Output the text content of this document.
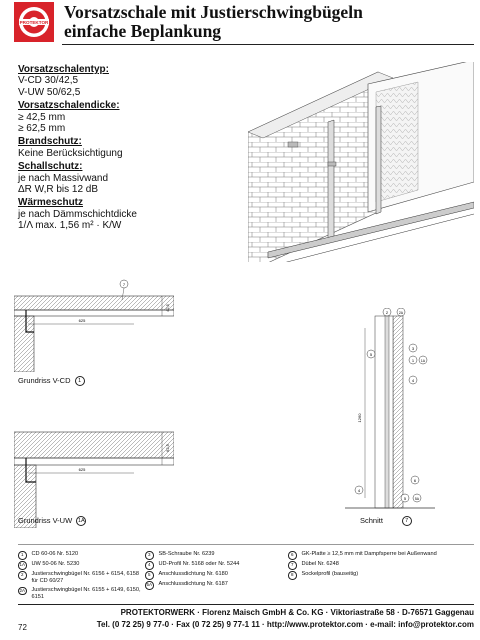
PROTEKTOR
Vorsatzschale mit Justierschwingbügeln
einfache Beplankung
Vorsatzschalentyp:
V-CD 30/42,5
V-UW 50/62,5
Vorsatzschalendicke:
≥ 42,5 mm
≥ 62,5 mm
Brandschutz:
Keine Berücksichtigung
Schallschutz:
je nach Massivwand
ΔR W,R bis 12 dB
Wärmeschutz
je nach Dämmschichtdicke
1/Λ max. 1,56 m² · K/W
625
42,5
7
Grundriss V-CD 1
625
62,5
Grundriss V-UW 1A
1260
2	2A
5
3
1 1A
4
6
4
5	5A
Schnitt	7
1	CD 60-06 Nr. 5120
1A UW 50-06 Nr. 5230
2	Justierschwingbügel Nr. 6156 + 6154, 6158 für CD 60/27
2A Justierschwingbügel Nr. 6155 + 6149, 6150, 6151
3	SB-Schraube Nr. 6239
4	UD-Profil Nr. 5168 oder Nr. 5244
5	Anschlussdichtung Nr. 6180
5A Anschlussdichtung Nr. 6187
6	GK-Platte ≥ 12,5 mm mit Dampfsperre bei Außenwand
7	Dübel Nr. 6248
8	Sockelprofil (bauseitig)
PROTEKTORWERK · Florenz Maisch GmbH & Co. KG · Viktoriastraße 58 · D-76571 Gaggenau
Tel. (0 72 25) 9 77-0 · Fax (0 72 25) 9 77-1 11 · http://www.protektor.com · e-mail: info@protektor.com
72
